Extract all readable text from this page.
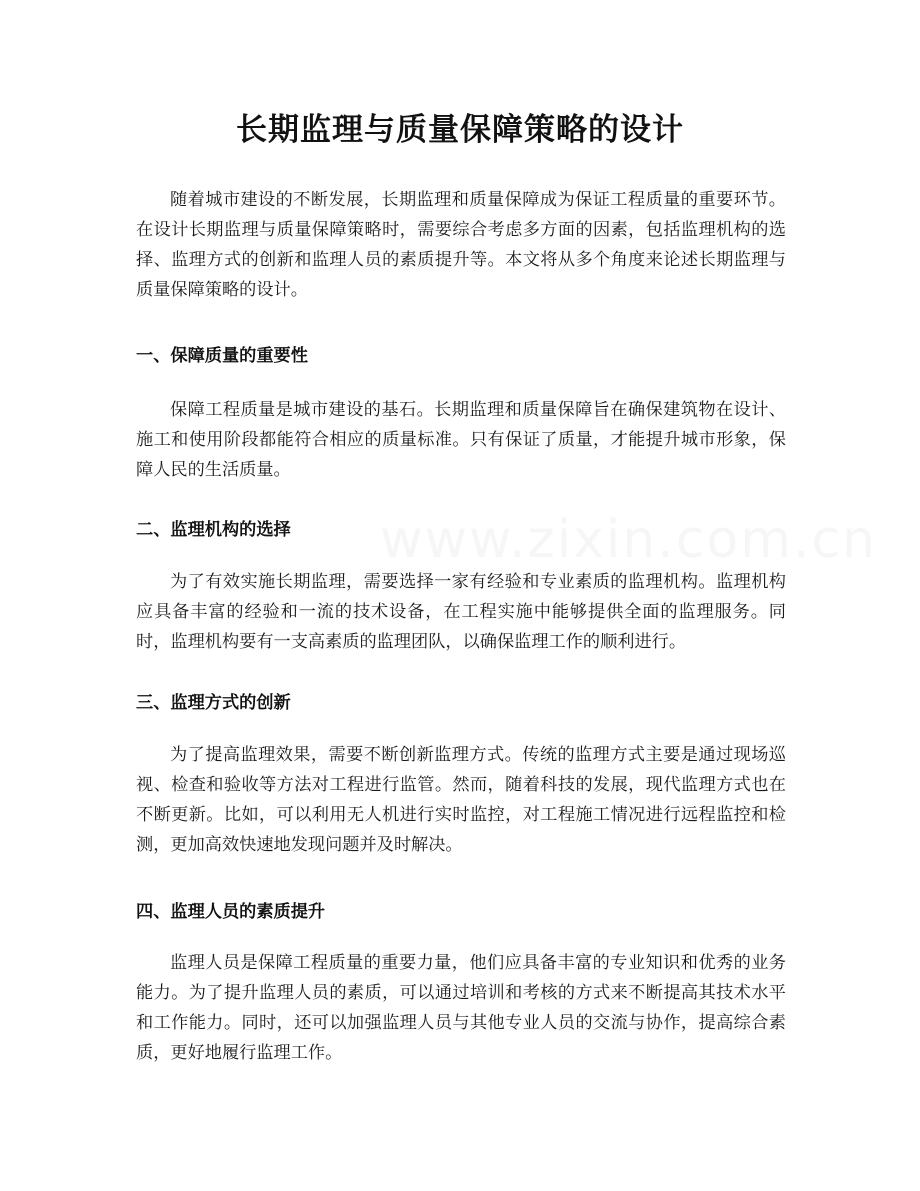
www.zixin.com.cn
长期监理与质量保障策略的设计
随着城市建设的不断发展，长期监理和质量保障成为保证工程质量的重要环节。在设计长期监理与质量保障策略时，需要综合考虑多方面的因素，包括监理机构的选择、监理方式的创新和监理人员的素质提升等。本文将从多个角度来论述长期监理与质量保障策略的设计。
一、保障质量的重要性
保障工程质量是城市建设的基石。长期监理和质量保障旨在确保建筑物在设计、施工和使用阶段都能符合相应的质量标准。只有保证了质量，才能提升城市形象，保障人民的生活质量。
二、监理机构的选择
为了有效实施长期监理，需要选择一家有经验和专业素质的监理机构。监理机构应具备丰富的经验和一流的技术设备，在工程实施中能够提供全面的监理服务。同时，监理机构要有一支高素质的监理团队，以确保监理工作的顺利进行。
三、监理方式的创新
为了提高监理效果，需要不断创新监理方式。传统的监理方式主要是通过现场巡视、检查和验收等方法对工程进行监管。然而，随着科技的发展，现代监理方式也在不断更新。比如，可以利用无人机进行实时监控，对工程施工情况进行远程监控和检测，更加高效快速地发现问题并及时解决。
四、监理人员的素质提升
监理人员是保障工程质量的重要力量，他们应具备丰富的专业知识和优秀的业务能力。为了提升监理人员的素质，可以通过培训和考核的方式来不断提高其技术水平和工作能力。同时，还可以加强监理人员与其他专业人员的交流与协作，提高综合素质，更好地履行监理工作。
